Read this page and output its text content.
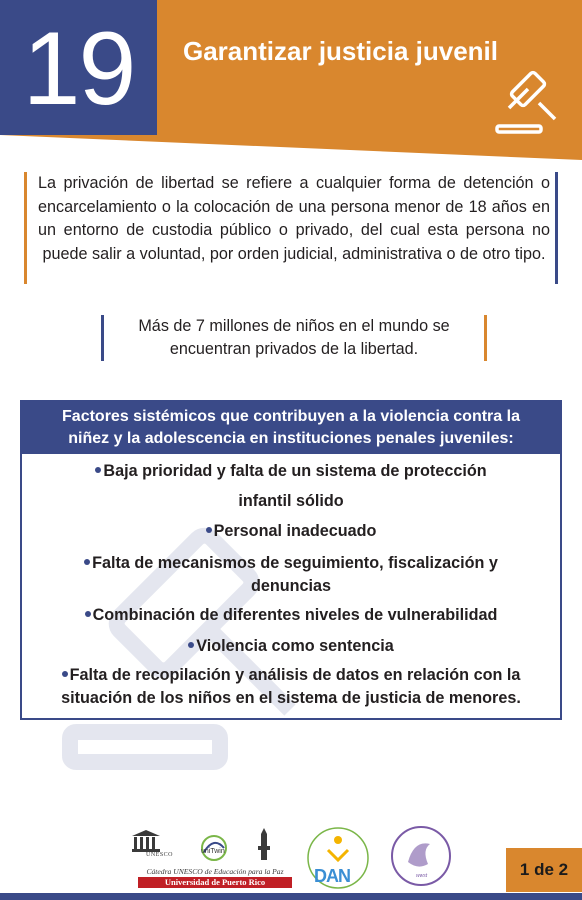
19	Garantizar justicia juvenil

La privación de libertad se refiere a cualquier forma de detención o encarcelamiento o la colocación de una persona menor de 18 años en un entorno de custodia público o privado, del cual esta persona no puede salir a voluntad, por orden judicial, administrativa o de otro tipo.

Más de 7 millones de niños en el mundo se
encuentran privados de la libertad.

Factores sistémicos que contribuyen a la violencia contra la
niñez y la adolescencia en instituciones penales juveniles:
Baja prioridad y falta de un sistema de protección
infantil sólido
Personal inadecuado
Falta de mecanismos de seguimiento, fiscalización y
denuncias
Combinación de diferentes niveles de vulnerabilidad
Violencia como sentencia
Falta de recopilación y análisis de datos en relación con la
situación de los niños en el sistema de justicia de menores.
UNESCO	uniTwin
Cátedra UNESCO de Educación para la Paz
Universidad de Puerto Rico	DAN	wwst	1 de 2
